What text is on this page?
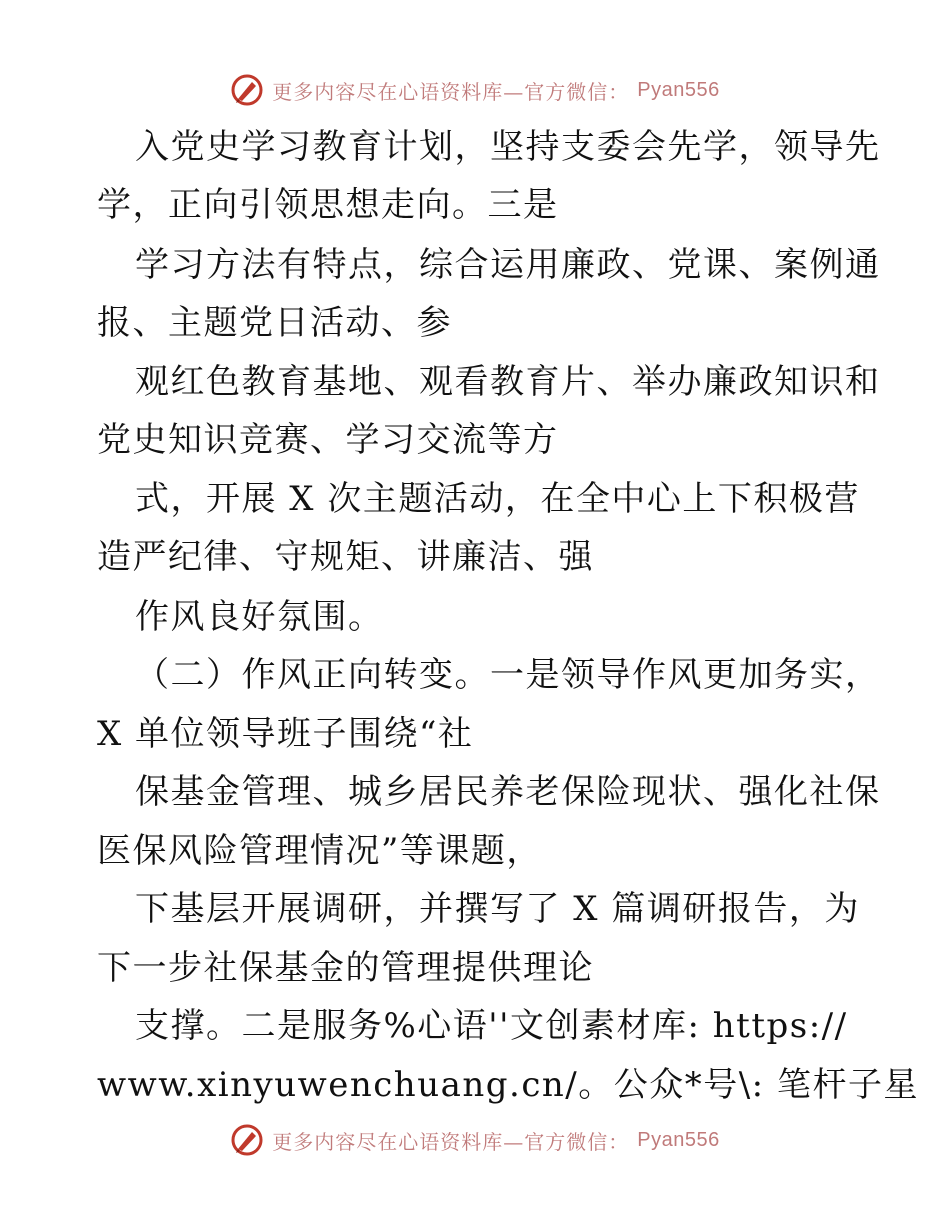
更多内容尽在心语资料库—官方微信： Pyan556
入党史学习教育计划，坚持支委会先学，领导先
学，正向引领思想走向。三是
学习方法有特点，综合运用廉政、党课、案例通
报、主题党日活动、参
观红色教育基地、观看教育片、举办廉政知识和
党史知识竞赛、学习交流等方
式，开展 X 次主题活动，在全中心上下积极营
造严纪律、守规矩、讲廉洁、强
作风良好氛围。
（二）作风正向转变。一是领导作风更加务实，
X 单位领导班子围绕“社
保基金管理、城乡居民养老保险现状、强化社保
医保风险管理情况”等课题，
下基层开展调研，并撰写了 X 篇调研报告，为
下一步社保基金的管理提供理论
支撑。二是服务%心语''文创素材库: https://
www.xinyuwenchuang.cn/。公众*号\: 笔杆子星
更多内容尽在心语资料库—官方微信： Pyan556
